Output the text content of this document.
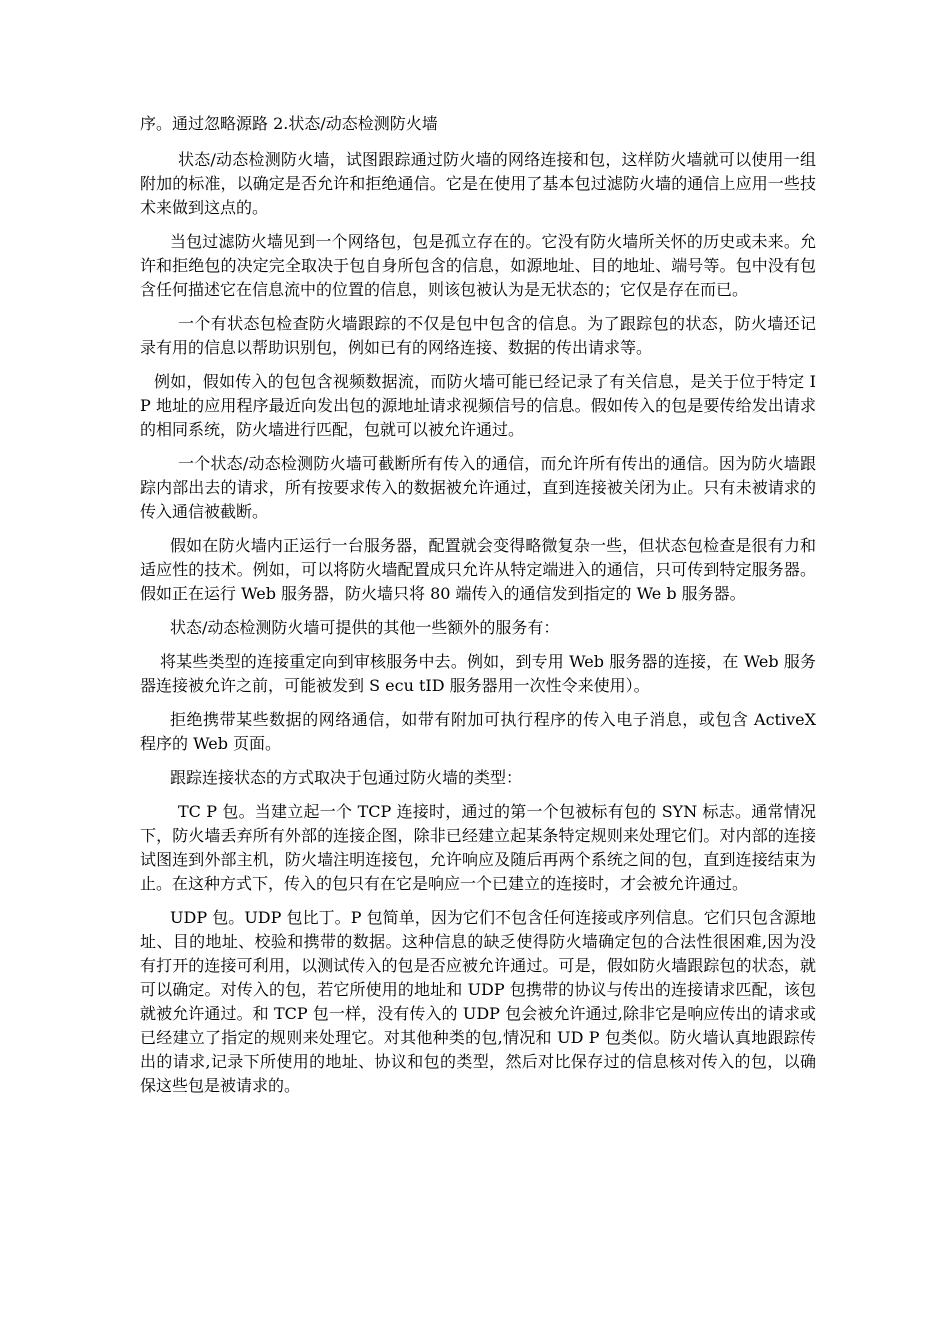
序。通过忽略源路 2.状态/动态检测防火墙

状态/动态检测防火墙，试图跟踪通过防火墙的网络连接和包，这样防火墙就可以使用一组附加的标准，以确定是否允许和拒绝通信。它是在使用了基本包过滤防火墙的通信上应用一些技术来做到这点的。

当包过滤防火墙见到一个网络包，包是孤立存在的。它没有防火墙所关怀的历史或未来。允许和拒绝包的决定完全取决于包自身所包含的信息，如源地址、目的地址、端号等。包中没有包含任何描述它在信息流中的位置的信息，则该包被认为是无状态的；它仅是存在而已。

一个有状态包检查防火墙跟踪的不仅是包中包含的信息。为了跟踪包的状态，防火墙还记录有用的信息以帮助识别包，例如已有的网络连接、数据的传出请求等。

例如，假如传入的包包含视频数据流，而防火墙可能已经记录了有关信息，是关于位于特定 IP 地址的应用程序最近向发出包的源地址请求视频信号的信息。假如传入的包是要传给发出请求的相同系统，防火墙进行匹配，包就可以被允许通过。

一个状态/动态检测防火墙可截断所有传入的通信，而允许所有传出的通信。因为防火墙跟踪内部出去的请求，所有按要求传入的数据被允许通过，直到连接被关闭为止。只有未被请求的传入通信被截断。

假如在防火墙内正运行一台服务器，配置就会变得略微复杂一些，但状态包检查是很有力和适应性的技术。例如，可以将防火墙配置成只允许从特定端进入的通信，只可传到特定服务器。假如正在运行 Web 服务器，防火墙只将 80 端传入的通信发到指定的 We b 服务器。

状态/动态检测防火墙可提供的其他一些额外的服务有：

将某些类型的连接重定向到审核服务中去。例如，到专用 Web 服务器的连接，在 Web 服务器连接被允许之前，可能被发到 S ecu tID 服务器用一次性令来使用）。

拒绝携带某些数据的网络通信，如带有附加可执行程序的传入电子消息，或包含 ActiveX 程序的 Web 页面。

跟踪连接状态的方式取决于包通过防火墙的类型：

TC P 包。当建立起一个 TCP 连接时，通过的第一个包被标有包的 SYN 标志。通常情况下，防火墙丢弃所有外部的连接企图，除非已经建立起某条特定规则来处理它们。对内部的连接试图连到外部主机，防火墙注明连接包，允许响应及随后再两个系统之间的包，直到连接结束为止。在这种方式下，传入的包只有在它是响应一个已建立的连接时，才会被允许通过。

UDP 包。UDP 包比丁。P 包简单，因为它们不包含任何连接或序列信息。它们只包含源地址、目的地址、校验和携带的数据。这种信息的缺乏使得防火墙确定包的合法性很困难,因为没有打开的连接可利用，以测试传入的包是否应被允许通过。可是，假如防火墙跟踪包的状态，就可以确定。对传入的包，若它所使用的地址和 UDP 包携带的协议与传出的连接请求匹配，该包就被允许通过。和 TCP 包一样，没有传入的 UDP 包会被允许通过,除非它是响应传出的请求或已经建立了指定的规则来处理它。对其他种类的包,情况和 UD P 包类似。防火墙认真地跟踪传出的请求,记录下所使用的地址、协议和包的类型，然后对比保存过的信息核对传入的包，以确保这些包是被请求的。
